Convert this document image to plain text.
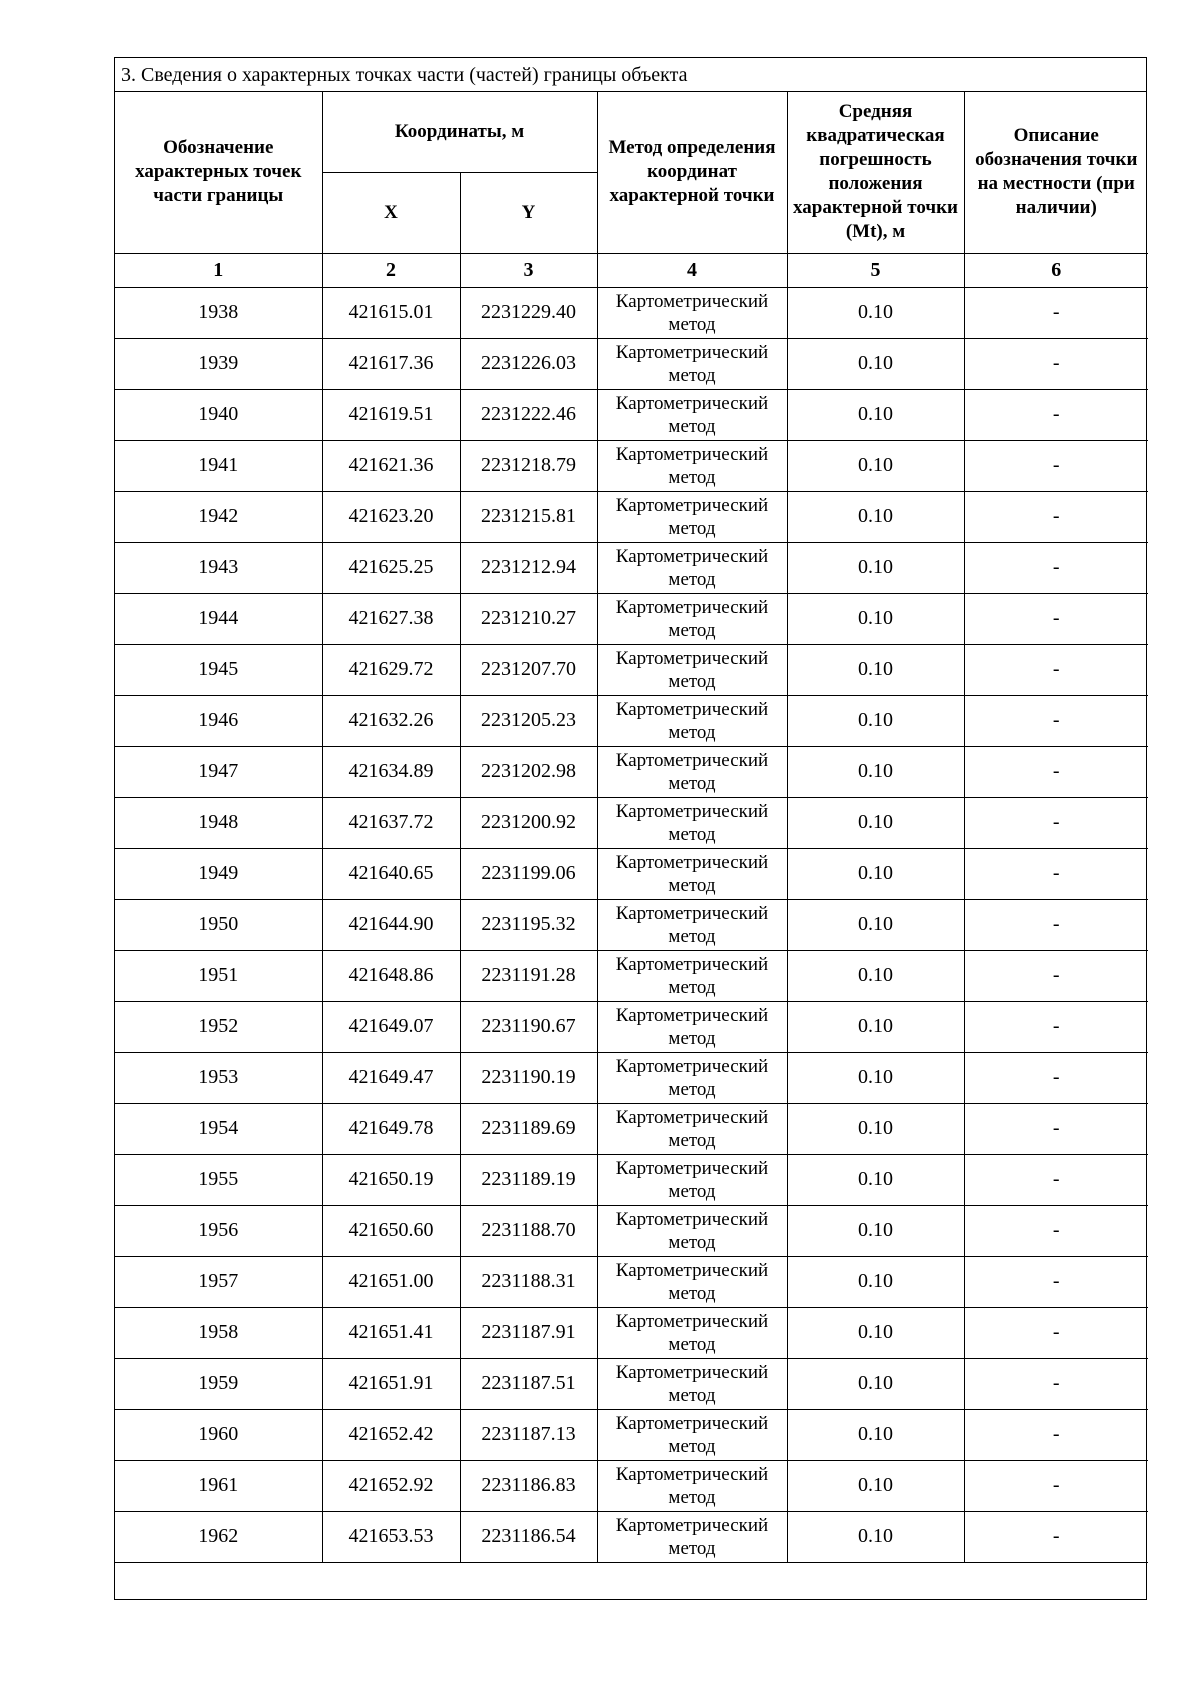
3. Сведения о характерных точках части (частей) границы объекта
Обозначение характерных точек части границы	Координаты, м		Метод определения координат характерной точки	Средняя квадратическая погрешность положения характерной точки (Mt), м	Описание обозначения точки на местности (при наличии)
	X	Y			
1	2	3	4	5	6
1938	421615.01	2231229.40	Картометрический метод	0.10	-
1939	421617.36	2231226.03	Картометрический метод	0.10	-
1940	421619.51	2231222.46	Картометрический метод	0.10	-
1941	421621.36	2231218.79	Картометрический метод	0.10	-
1942	421623.20	2231215.81	Картометрический метод	0.10	-
1943	421625.25	2231212.94	Картометрический метод	0.10	-
1944	421627.38	2231210.27	Картометрический метод	0.10	-
1945	421629.72	2231207.70	Картометрический метод	0.10	-
1946	421632.26	2231205.23	Картометрический метод	0.10	-
1947	421634.89	2231202.98	Картометрический метод	0.10	-
1948	421637.72	2231200.92	Картометрический метод	0.10	-
1949	421640.65	2231199.06	Картометрический метод	0.10	-
1950	421644.90	2231195.32	Картометрический метод	0.10	-
1951	421648.86	2231191.28	Картометрический метод	0.10	-
1952	421649.07	2231190.67	Картометрический метод	0.10	-
1953	421649.47	2231190.19	Картометрический метод	0.10	-
1954	421649.78	2231189.69	Картометрический метод	0.10	-
1955	421650.19	2231189.19	Картометрический метод	0.10	-
1956	421650.60	2231188.70	Картометрический метод	0.10	-
1957	421651.00	2231188.31	Картометрический метод	0.10	-
1958	421651.41	2231187.91	Картометрический метод	0.10	-
1959	421651.91	2231187.51	Картометрический метод	0.10	-
1960	421652.42	2231187.13	Картометрический метод	0.10	-
1961	421652.92	2231186.83	Картометрический метод	0.10	-
1962	421653.53	2231186.54	Картометрический метод	0.10	-
